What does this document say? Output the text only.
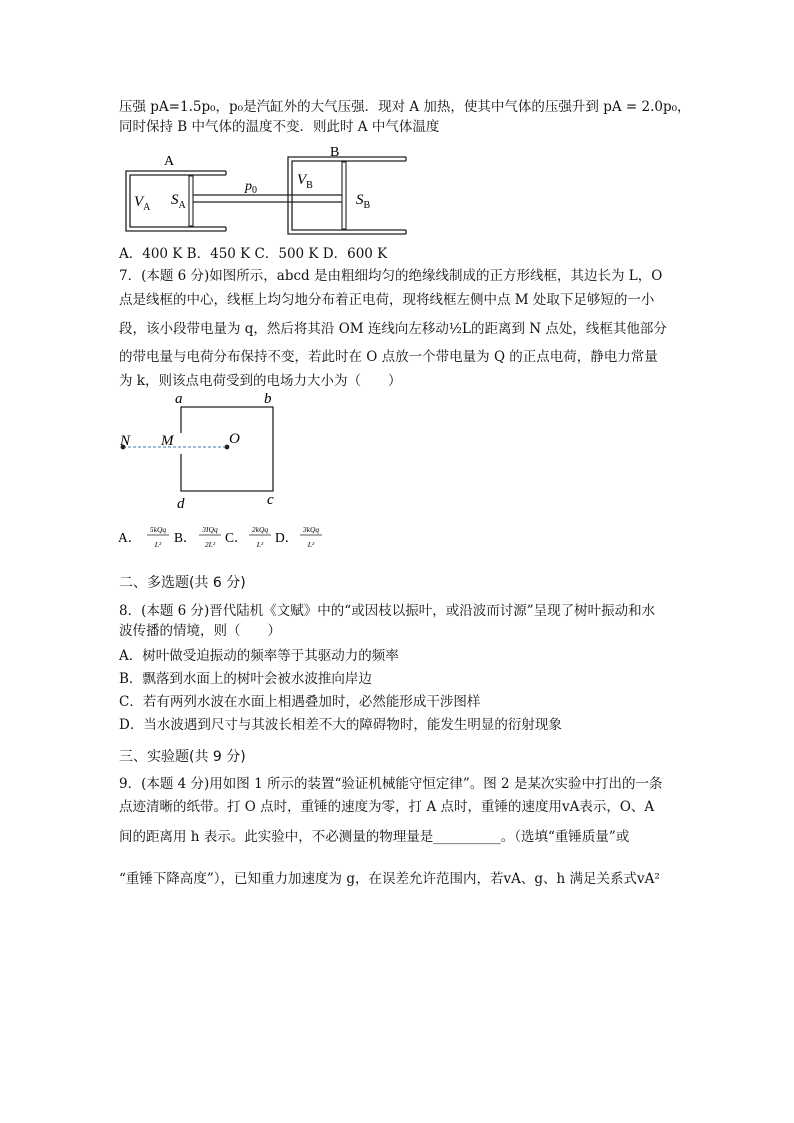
压强 pA=1.5p₀，p₀是汽缸外的大气压强．现对 A 加热，使其中气体的压强升到 pA = 2.0p₀，
同时保持 B 中气体的温度不变．则此时 A 中气体温度
A
B
$V_A$ $S_A$
$p_0$
$V_B$
$S_B$
A．400 K B．450 K C．500 K D．600 K
7．(本题 6 分)如图所示，abcd 是由粗细均匀的绝缘线制成的正方形线框，其边长为 L，O
点是线框的中心，线框上均匀地分布着正电荷，现将线框左侧中点 M 处取下足够短的一小
段，该小段带电量为 q，然后将其沿 OM 连线向左移动½L的距离到 N 点处，线框其他部分
的带电量与电荷分布保持不变，若此时在 O 点放一个带电量为 Q 的正点电荷，静电力常量
为 k，则该点电荷受到的电场力大小为（　　）
a	b
d	c
N M	O
A．
5kQq
L² B．
3IQq
2L² C．
2kQq
L² D．
3kQq
L²
二、多选题(共 6 分)
8．(本题 6 分)晋代陆机《文赋》中的“或因枝以振叶，或沿波而讨源”呈现了树叶振动和水
波传播的情境，则（　　）
A．树叶做受迫振动的频率等于其驱动力的频率
B．飘落到水面上的树叶会被水波推向岸边
C．若有两列水波在水面上相遇叠加时，必然能形成干涉图样
D．当水波遇到尺寸与其波长相差不大的障碍物时，能发生明显的衍射现象
三、实验题(共 9 分)
9．(本题 4 分)用如图 1 所示的装置“验证机械能守恒定律”。图 2 是某次实验中打出的一条
点迹清晰的纸带。打 O 点时，重锤的速度为零，打 A 点时，重锤的速度用vA表示，O、A
间的距离用 h 表示。此实验中，不必测量的物理量是__________。（选填“重锤质量”或
“重锤下降高度”），已知重力加速度为 g，在误差允许范围内，若vA、g、h 满足关系式vA²
